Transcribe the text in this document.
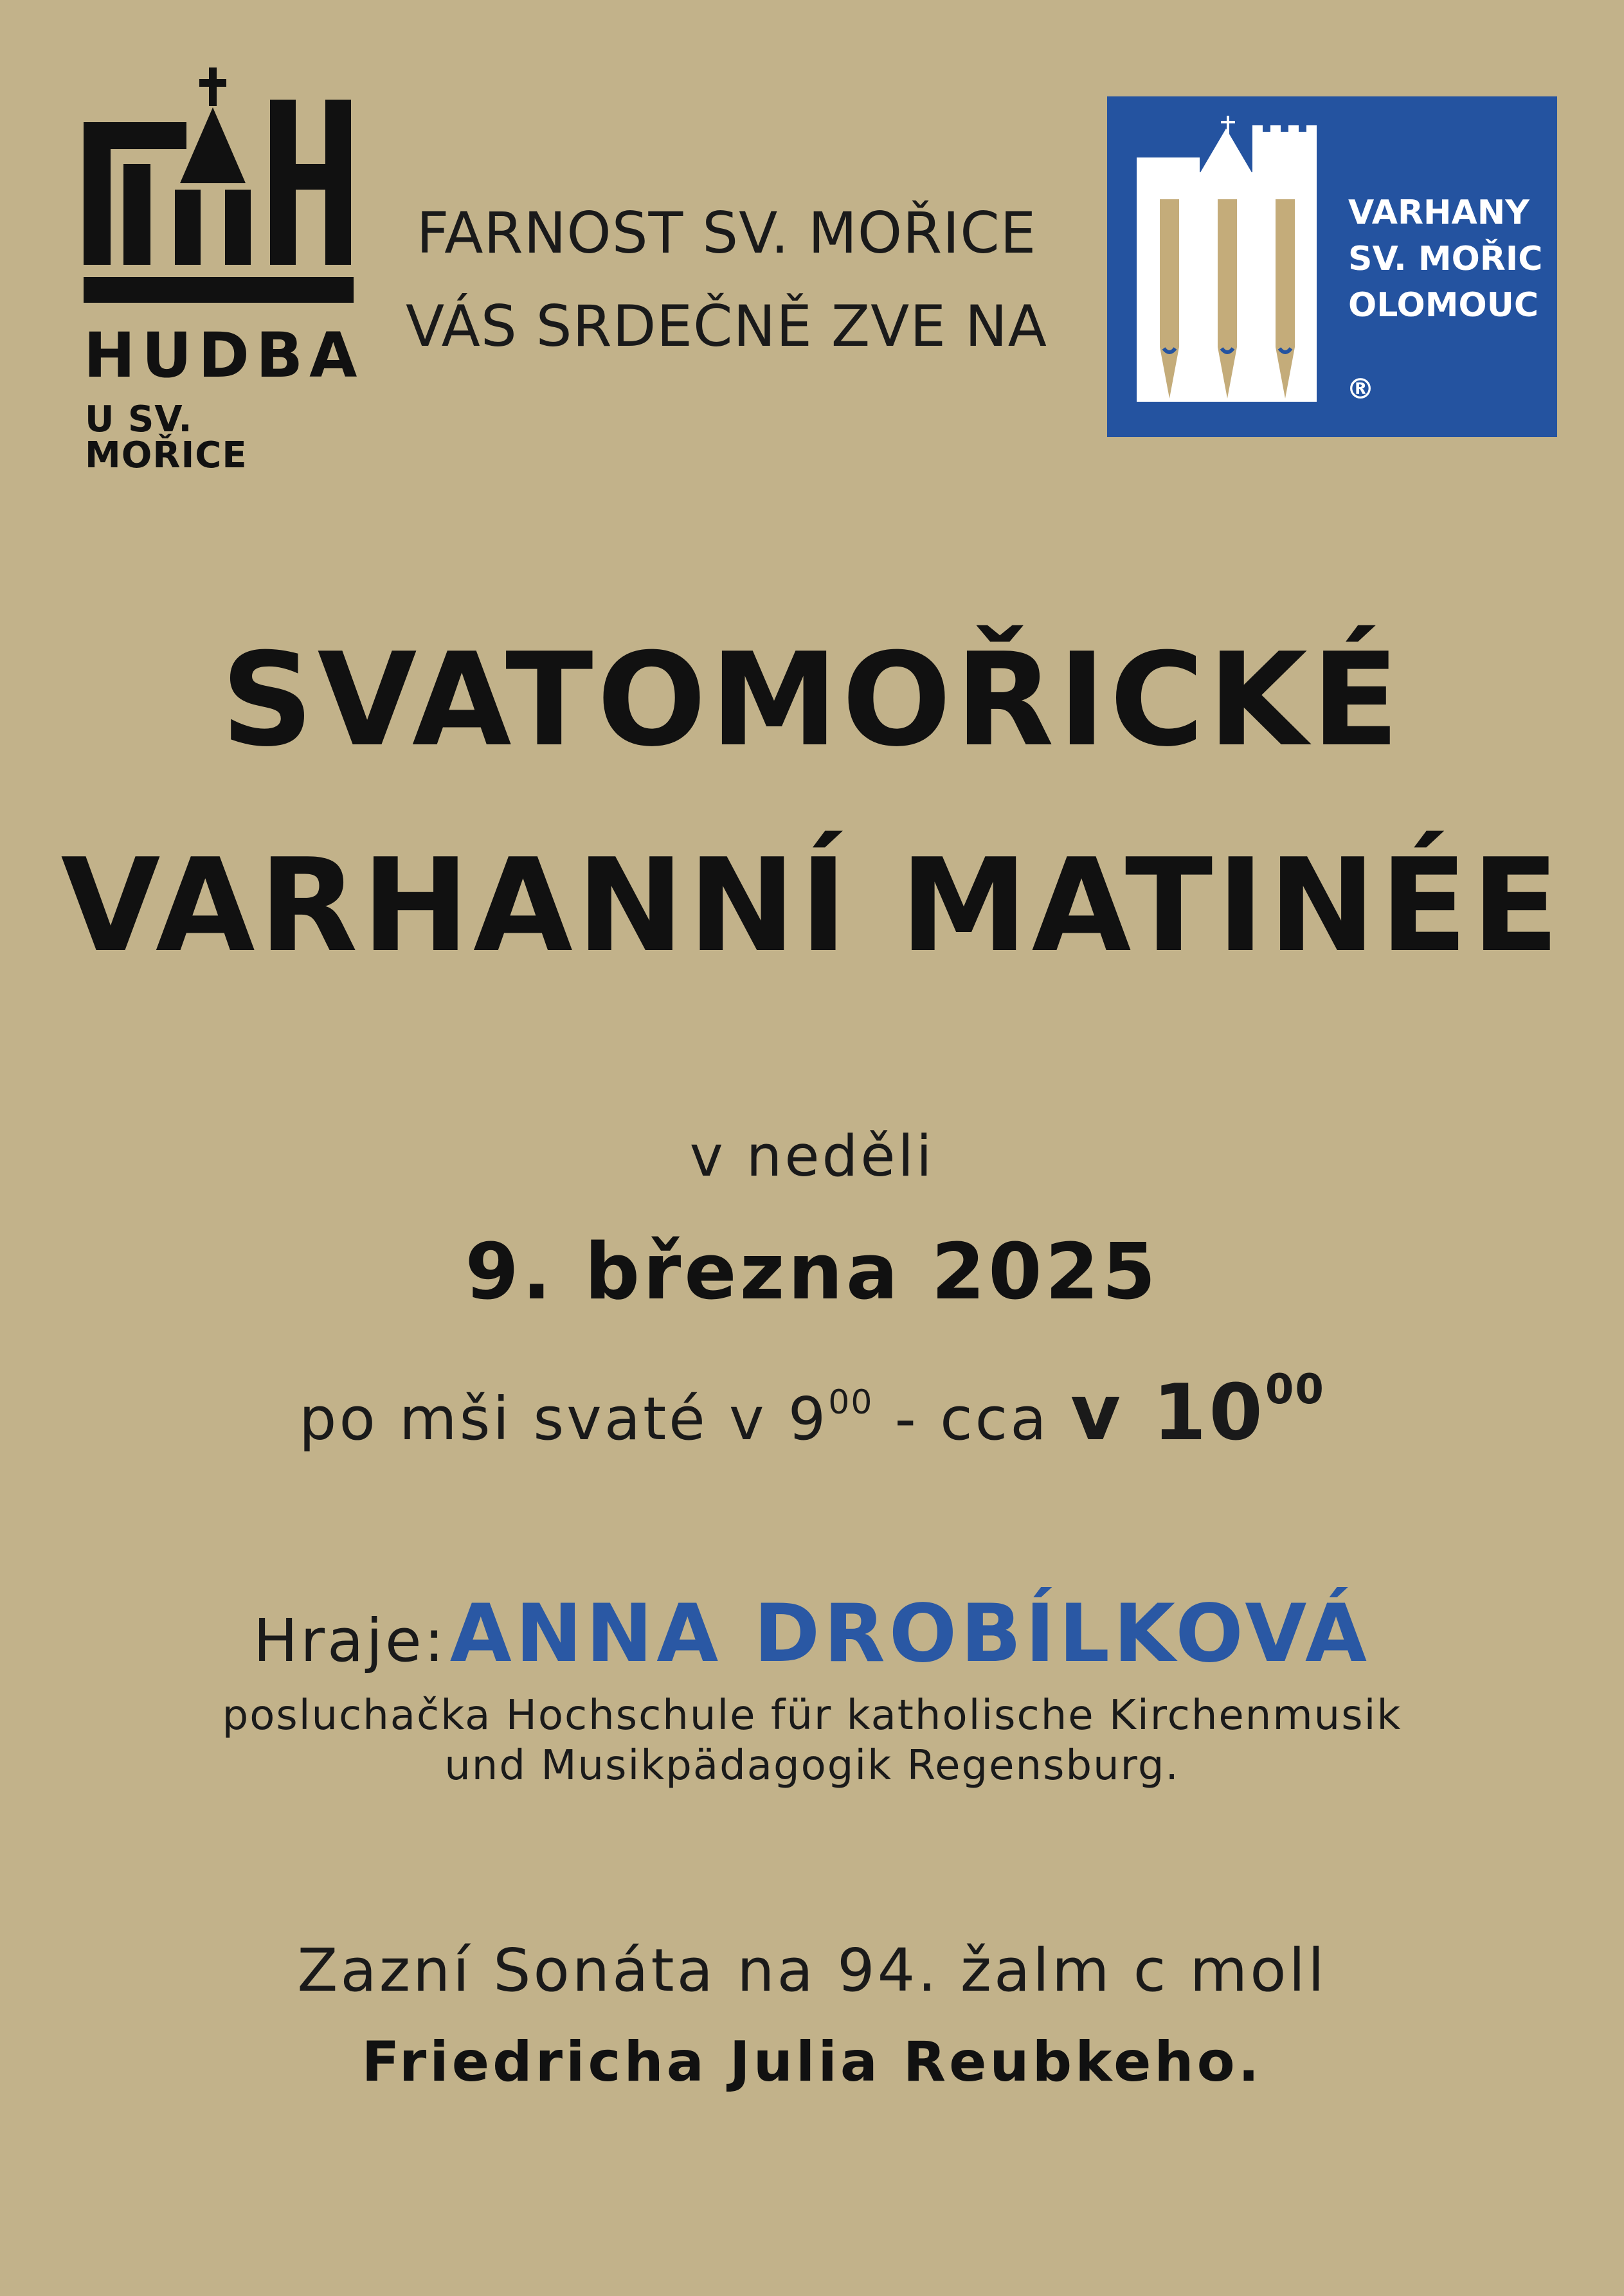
HUDBA
U SV. MOŘICE
FARNOST SV. MOŘICE
VÁS SRDEČNĚ ZVE NA
VARHANY
SV. MOŘIC
OLOMOUC
®
SVATOMOŘICKÉ
VARHANNÍ MATINÉE
v neděli
9. března 2025
po mši svaté v $9^{00}$ - cca v $10^{00}$
Hraje: ANNA DROBÍLKOVÁ
posluchačka Hochschule für katholische Kirchenmusik
und Musikpädagogik Regensburg.
Zazní Sonáta na 94. žalm c moll
Friedricha Julia Reubkeho.
